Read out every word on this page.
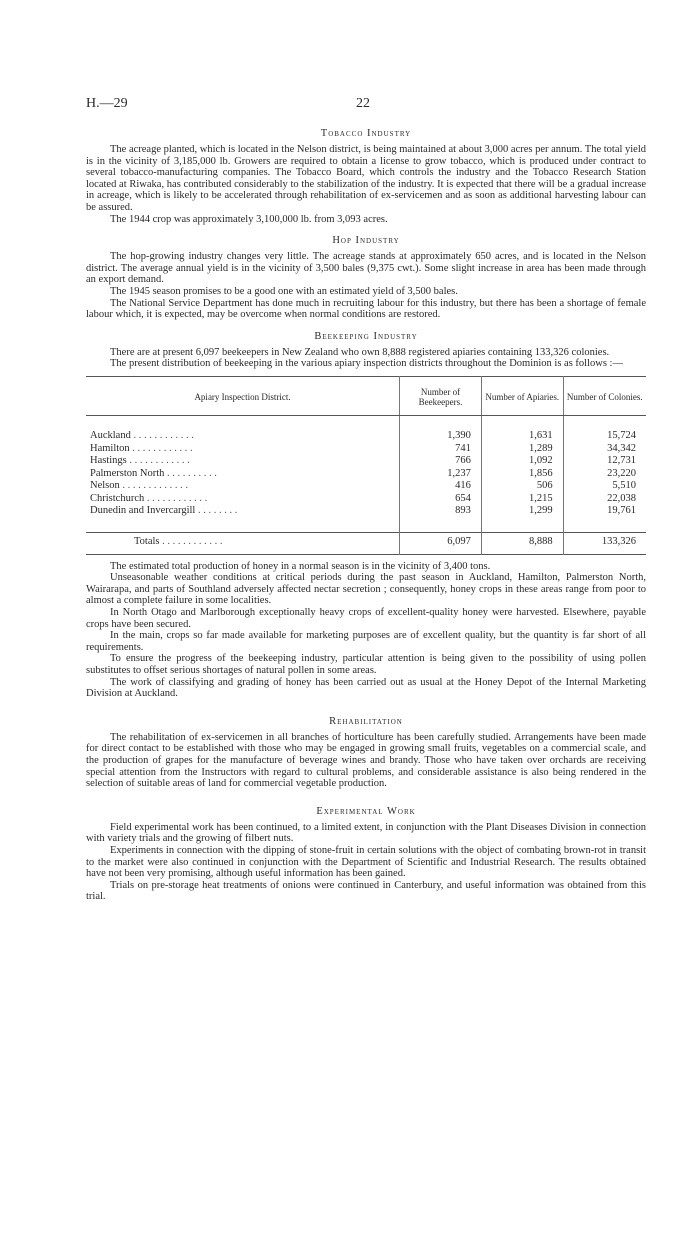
H.—29	22
Tobacco Industry

The acreage planted, which is located in the Nelson district, is being maintained at about 3,000 acres per annum. The total yield is in the vicinity of 3,185,000 lb. Growers are required to obtain a license to grow tobacco, which is produced under contract to several tobacco-manufacturing companies. The Tobacco Board, which controls the industry and the Tobacco Research Station located at Riwaka, has contributed considerably to the stabilization of the industry. It is expected that there will be a gradual increase in acreage, which is likely to be accelerated through rehabilitation of ex-servicemen and as soon as additional harvesting labour can be assured.

The 1944 crop was approximately 3,100,000 lb. from 3,093 acres.

Hop Industry

The hop-growing industry changes very little. The acreage stands at approximately 650 acres, and is located in the Nelson district. The average annual yield is in the vicinity of 3,500 bales (9,375 cwt.). Some slight increase in area has been made through an export demand.

The 1945 season promises to be a good one with an estimated yield of 3,500 bales.

The National Service Department has done much in recruiting labour for this industry, but there has been a shortage of female labour which, it is expected, may be overcome when normal conditions are restored.

Beekeeping Industry

There are at present 6,097 beekeepers in New Zealand who own 8,888 registered apiaries containing 133,326 colonies.

The present distribution of beekeeping in the various apiary inspection districts throughout the Dominion is as follows :—

Apiary Inspection District.	Number of Beekeepers.	Number of Apiaries.	Number of Colonies.

Auckland . . . . . . . . . . . .	1,390	1,631	15,724
Hamilton . . . . . . . . . . . .	741	1,289	34,342
Hastings . . . . . . . . . . . .	766	1,092	12,731
Palmerston North . . . . . . . . . .	1,237	1,856	23,220
Nelson . . . . . . . . . . . . .	416	506	5,510
Christchurch . . . . . . . . . . . .	654	1,215	22,038
Dunedin and Invercargill . . . . . . . .	893	1,299	19,761

Totals . . . . . . . . . . . .	6,097	8,888	133,326

The estimated total production of honey in a normal season is in the vicinity of 3,400 tons.

Unseasonable weather conditions at critical periods during the past season in Auckland, Hamilton, Palmerston North, Wairarapa, and parts of Southland adversely affected nectar secretion ; consequently, honey crops in these areas range from poor to almost a complete failure in some localities.

In North Otago and Marlborough exceptionally heavy crops of excellent-quality honey were harvested. Elsewhere, payable crops have been secured.

In the main, crops so far made available for marketing purposes are of excellent quality, but the quantity is far short of all requirements.

To ensure the progress of the beekeeping industry, particular attention is being given to the possibility of using pollen substitutes to offset serious shortages of natural pollen in some areas.

The work of classifying and grading of honey has been carried out as usual at the Honey Depot of the Internal Marketing Division at Auckland.

Rehabilitation

The rehabilitation of ex-servicemen in all branches of horticulture has been carefully studied. Arrangements have been made for direct contact to be established with those who may be engaged in growing small fruits, vegetables on a commercial scale, and the production of grapes for the manufacture of beverage wines and brandy. Those who have taken over orchards are receiving special attention from the Instructors with regard to cultural problems, and considerable assistance is also being rendered in the selection of suitable areas of land for commercial vegetable production.

Experimental Work

Field experimental work has been continued, to a limited extent, in conjunction with the Plant Diseases Division in connection with variety trials and the growing of filbert nuts.

Experiments in connection with the dipping of stone-fruit in certain solutions with the object of combating brown-rot in transit to the market were also continued in conjunction with the Department of Scientific and Industrial Research. The results obtained have not been very promising, although useful information has been gained.

Trials on pre-storage heat treatments of onions were continued in Canterbury, and useful information was obtained from this trial.
